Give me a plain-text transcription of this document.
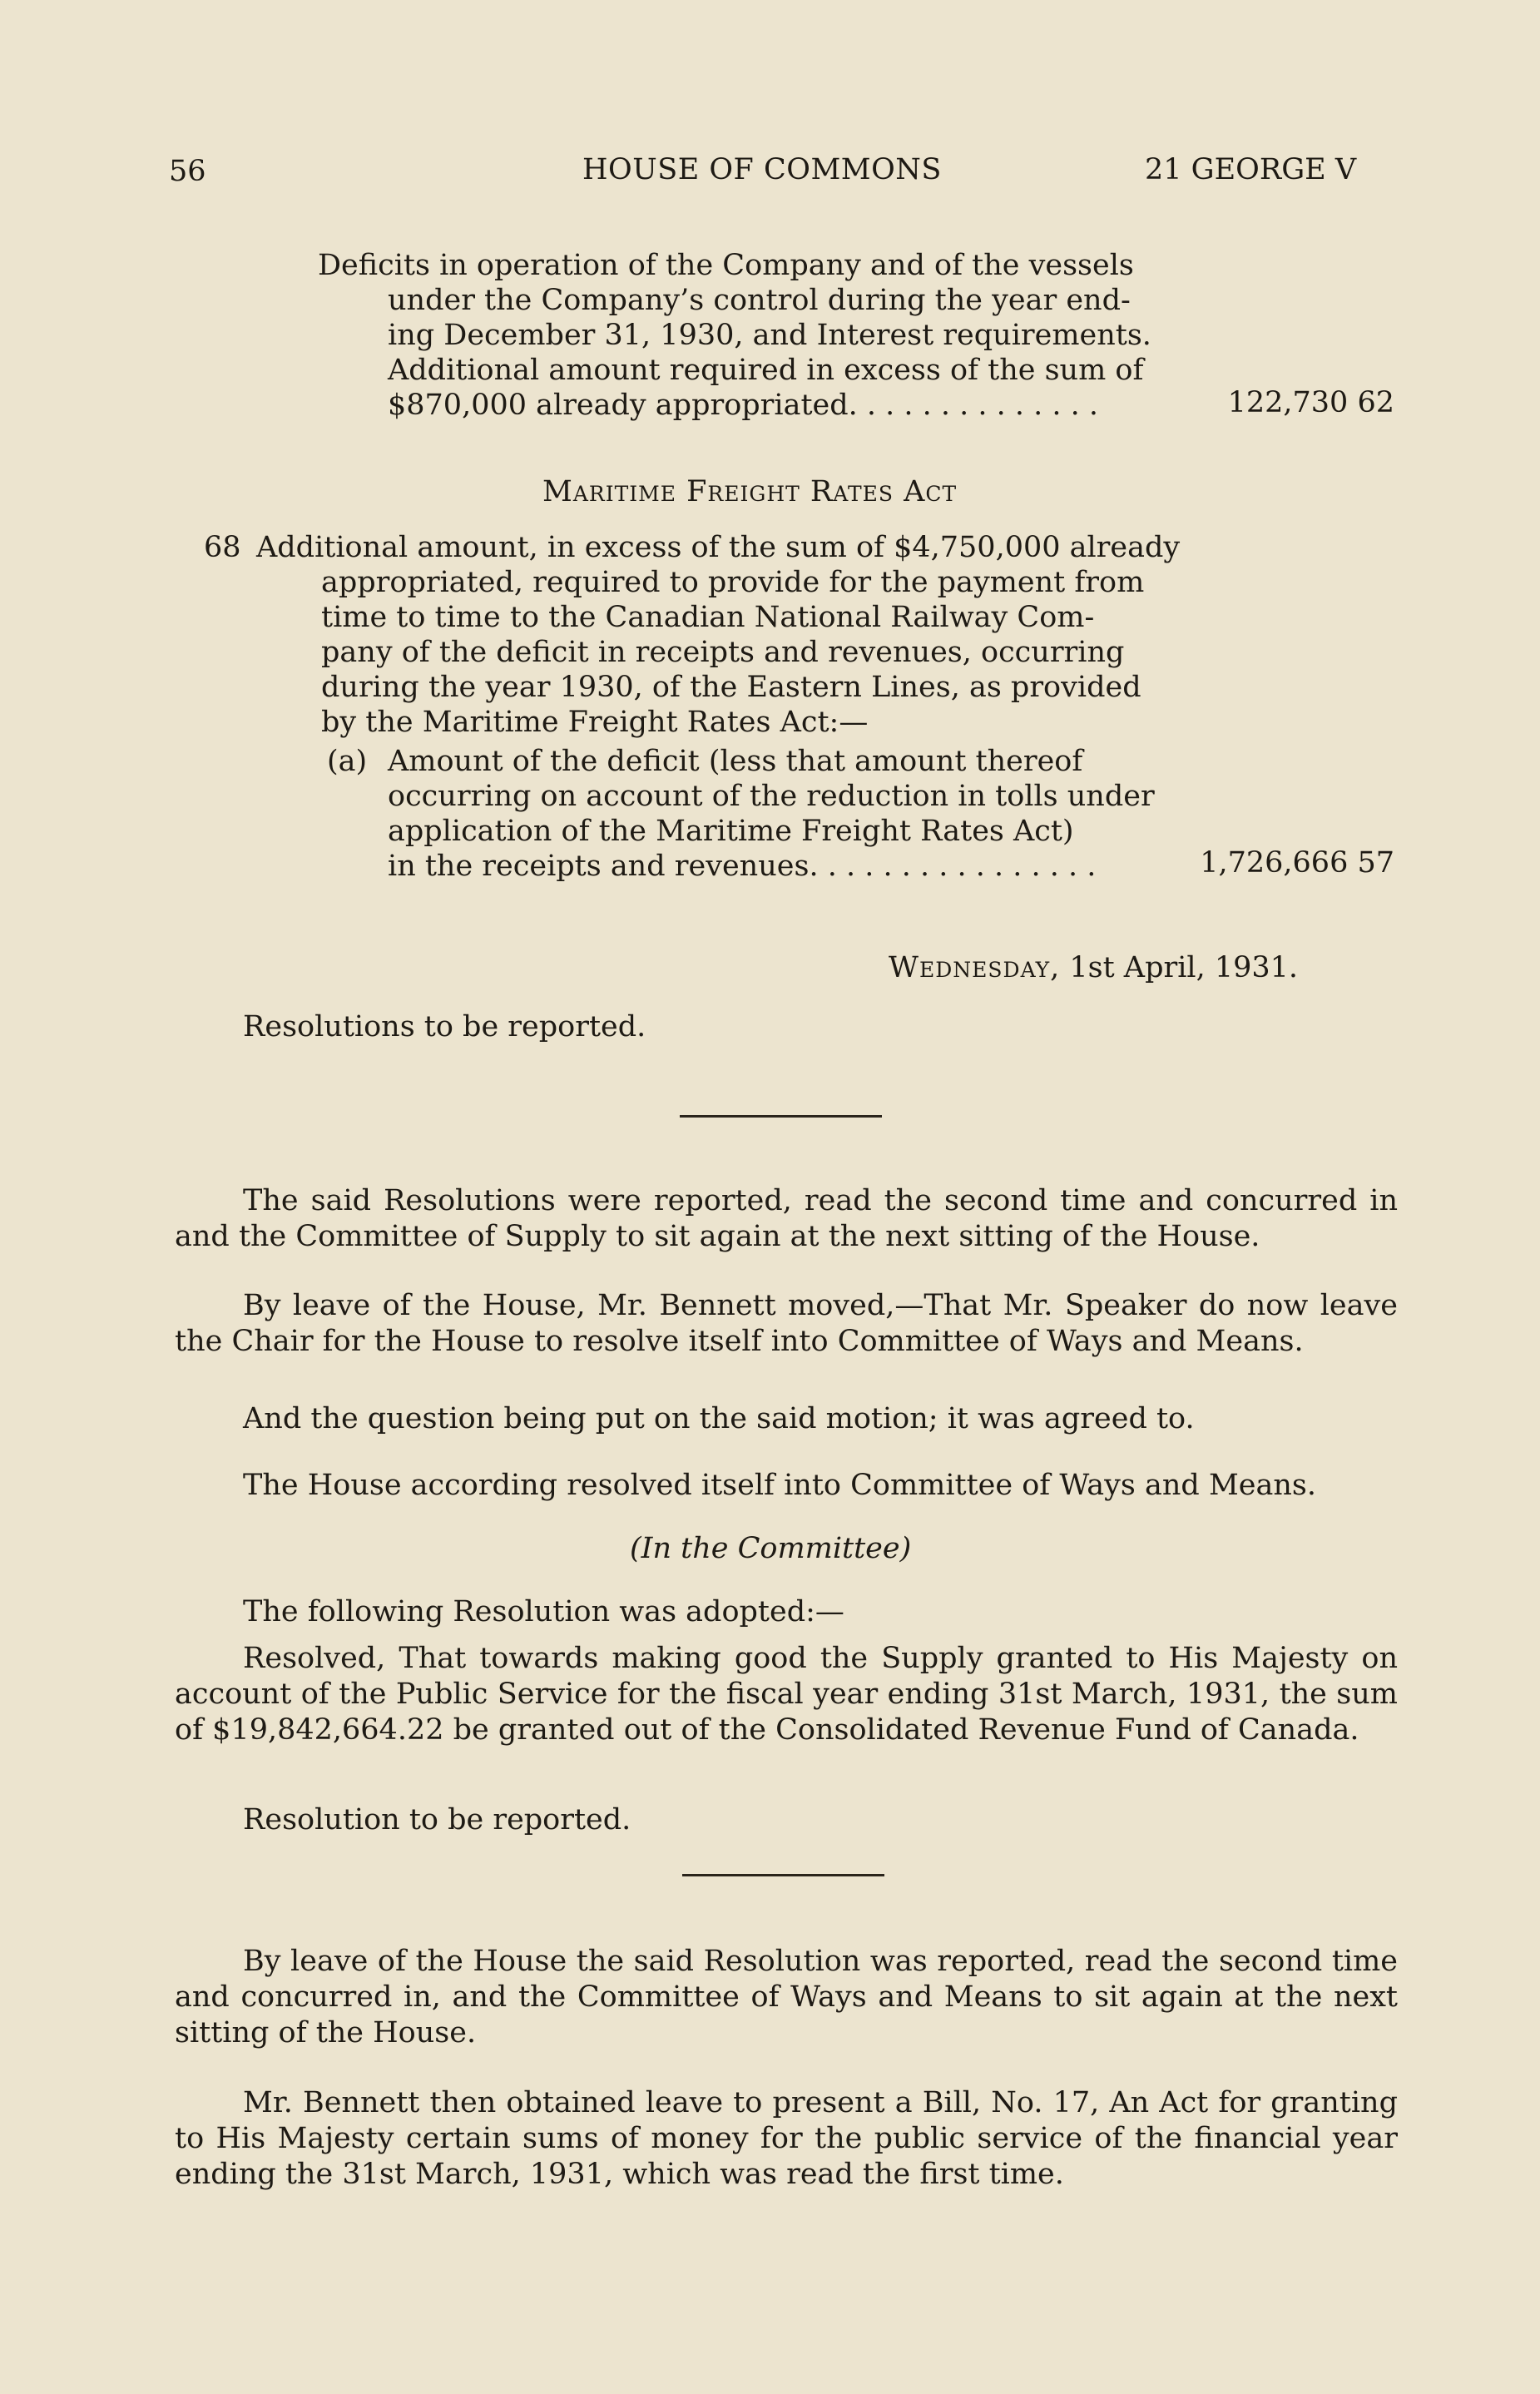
56	HOUSE OF COMMONS	21 GEORGE V
Deficits in operation of the Company and of the vessels
under the Company’s control during the year end-
ing December 31, 1930, and Interest requirements.
Additional amount required in excess of the sum of
$870,000 already appropriated. . . . . . . . . . . . . .	122,730 62
Maritime Freight Rates Act
68 Additional amount, in excess of the sum of $4,750,000 already
appropriated, required to provide for the payment from
time to time to the Canadian National Railway Com-
pany of the deficit in receipts and revenues, occurring
during the year 1930, of the Eastern Lines, as provided
by the Maritime Freight Rates Act:—
(a) Amount of the deficit (less that amount thereof
occurring on account of the reduction in tolls under
application of the Maritime Freight Rates Act)
in the receipts and revenues. . . . . . . . . . . . . . . .	1,726,666 57
Wednesday, 1st April, 1931.
Resolutions to be reported.
The said Resolutions were reported, read the second time and concurred in and the Committee of Supply to sit again at the next sitting of the House.
By leave of the House, Mr. Bennett moved,—That Mr. Speaker do now leave the Chair for the House to resolve itself into Committee of Ways and Means.
And the question being put on the said motion; it was agreed to.
The House according resolved itself into Committee of Ways and Means.
(In the Committee)
The following Resolution was adopted:—
Resolved, That towards making good the Supply granted to His Majesty on account of the Public Service for the fiscal year ending 31st March, 1931, the sum of $19,842,664.22 be granted out of the Consolidated Revenue Fund of Canada.
Resolution to be reported.
By leave of the House the said Resolution was reported, read the second time and concurred in, and the Committee of Ways and Means to sit again at the next sitting of the House.
Mr. Bennett then obtained leave to present a Bill, No. 17, An Act for granting to His Majesty certain sums of money for the public service of the financial year ending the 31st March, 1931, which was read the first time.
